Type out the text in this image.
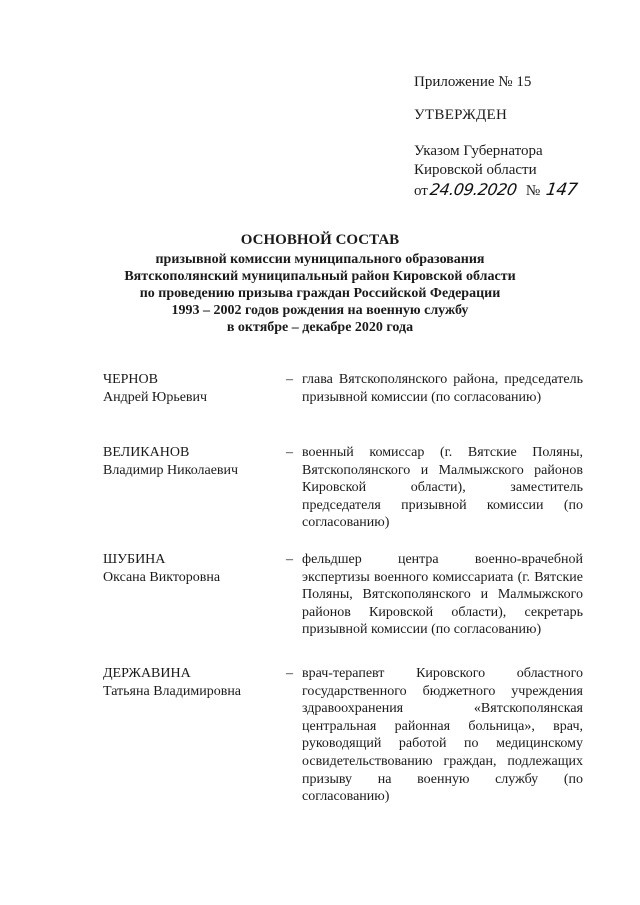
Приложение № 15
УТВЕРЖДЕН
Указом Губернатора
Кировской области
от 24.09.2020 № 147
ОСНОВНОЙ СОСТАВ
призывной комиссии муниципального образования
Вятскополянский муниципальный район Кировской области
по проведению призыва граждан Российской Федерации
1993 – 2002 годов рождения на военную службу
в октябре – декабре 2020 года
ЧЕРНОВ
Андрей Юрьевич
– глава Вятскополянского района, председатель призывной комиссии (по согласованию)
ВЕЛИКАНОВ
Владимир Николаевич
– военный комиссар (г. Вятские Поляны, Вятскополянского и Малмыжского районов Кировской области), заместитель председателя призывной комиссии (по согласованию)
ШУБИНА
Оксана Викторовна
– фельдшер центра военно-врачебной экспертизы военного комиссариата (г. Вятские Поляны, Вятскополянского и Малмыжского районов Кировской области), секретарь призывной комиссии (по согласованию)
ДЕРЖАВИНА
Татьяна Владимировна
– врач-терапевт Кировского областного государственного бюджетного учреждения здравоохранения «Вятскополянская центральная районная больница», врач, руководящий работой по медицинскому освидетельствованию граждан, подлежащих призыву на военную службу (по согласованию)
